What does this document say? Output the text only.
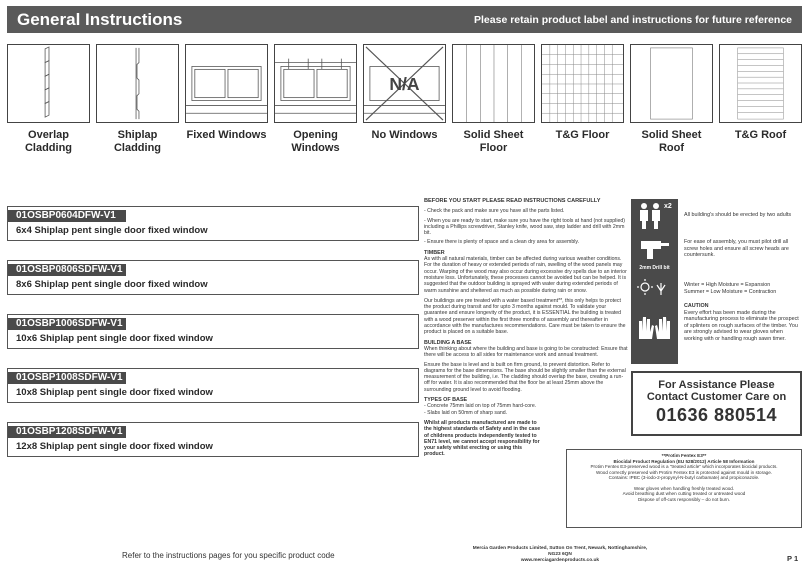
General Instructions	Please retain product label and instructions for future reference
Overlap Cladding
Shiplap Cladding
Fixed Windows	Opening Windows
N/A
No Windows	Solid Sheet Floor
T&G Floor	Solid Sheet Roof
T&G Roof
01OSBP0604DFW-V1
6x4 Shiplap pent single door fixed window
01OSBP0806SDFW-V1
8x6 Shiplap pent single door fixed window
01OSBP1006SDFW-V1
10x6 Shiplap pent single door fixed window
01OSBP1008SDFW-V1
10x8 Shiplap pent single door fixed window
01OSBP1208SDFW-V1
12x8 Shiplap pent single door fixed window
Refer to the instructions pages for you specific product code
BEFORE YOU START PLEASE READ INSTRUCTIONS CAREFULLY

- Check the pack and make sure you have all the parts listed.

- When you are ready to start, make sure you have the right tools at hand (not supplied) including a Phillips screwdriver, Stanley knife, wood saw, step ladder and drill with 2mm bit.

- Ensure there is plenty of space and a clean dry area for assembly.

TIMBER

As with all natural materials, timber can be affected during various weather conditions. For the duration of heavy or extended periods of rain, swelling of the wood panels may occur. Warping of the wood may also occur during excessive dry spells due to an interior moisture loss. Unfortunately, these processes cannot be avoided but can be helped. It is suggested that the outdoor building is sprayed with water during extended periods of warm sunshine and sheltered as much as possible during rain or snow.

Our buildings are pre treated with a water based treatment**, this only helps to protect the product during transit and for upto 3 months against mould. To validate your guarantee and ensure longevity of the product, it is ESSENTIAL the building is treated with a wood preserver within the first three months of assembly and thereafter in accordance with the manufactures recommendations. Care must be taken to ensure the product is placed on a suitable base.

BUILDING A BASE

When thinking about where the building and base is going to be constructed: Ensure that there will be access to all sides for maintenance work and annual treatment.

Ensure the base is level and is built on firm ground, to prevent distortion. Refer to diagrams for the base dimensions. The base should be slightly smaller than the external measurement of the building, i.e. The cladding should overlap the base, creating a run-off for water. It is also recommended that the floor be at least 25mm above the surrounding ground level to avoid flooding.

TYPES OF BASE
- Concrete 75mm laid on top of 75mm hard-core.
- Slabs laid on 50mm of sharp sand.

Whilst all products manufactured are made to the highest standards of Safety and in the case of childrens products independently tested to EN71 level, we cannot accept responsibility for your safety whilst erecting or using this product.

Mercia Garden Products Limited, Sutton On Trent, Newark, Nottinghamshire, NG23 6QN
www.merciagardenproducts.co.uk
x2
2mm Drill bit
All building's should be erected by two adults
For ease of assembly, you must pilot drill all screw holes and ensure all screw heads are countersunk.
Winter = High Moisture = Expansion
Summer = Low Moisture = Contraction
CAUTION
Every effort has been made during the manufacturing process to eliminate the prospect of splinters on rough surfaces of the timber. You are strongly advised to wear gloves when working with or handling rough sawn timer.
For Assistance Please
Contact Customer Care on
01636 880514
**Protim Fentex E3**
Biocidal Product Regulation (EU 528/2012) Article 58 Information
Protim Fentex E3-preserved wood is a "treated article" which incorporates biocidal products.
Wood correctly preserved with Protim Fentex E3 is protected against mould in storage.
Contains: IPBC (3-iodo-2-propynyl-N-butyl carbamate) and propiconazole.
Wear gloves when handling freshly treated wood.
Avoid breathing dust when cutting treated or untreated wood
Dispose of off-cuts responsibly – do not burn.
P 1
